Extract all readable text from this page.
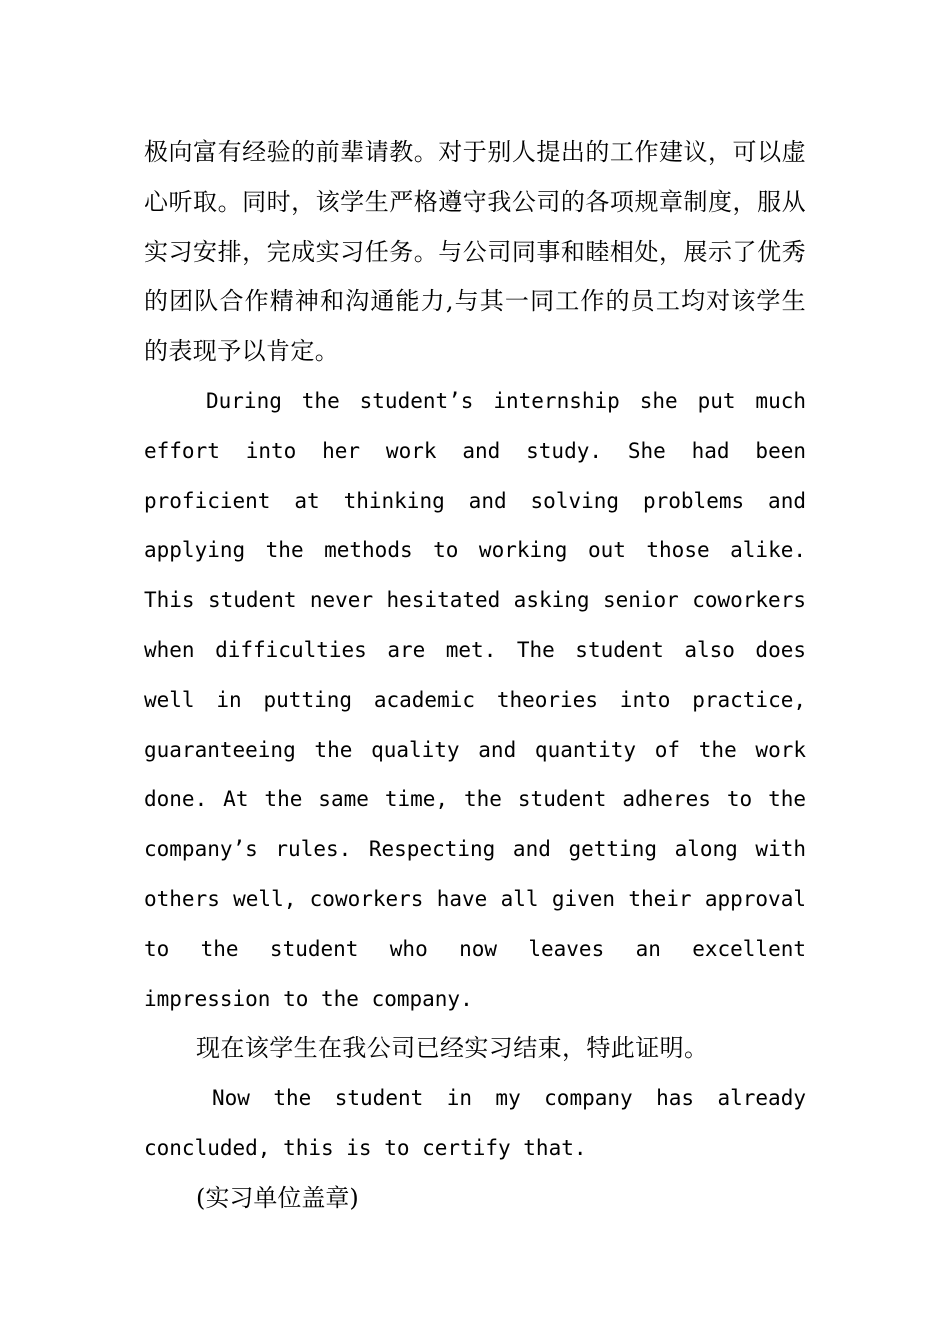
极向富有经验的前辈请教。对于别人提出的工作建议，可以虚心听取。同时，该学生严格遵守我公司的各项规章制度，服从实习安排，完成实习任务。与公司同事和睦相处，展示了优秀的团队合作精神和沟通能力,与其一同工作的员工均对该学生的表现予以肯定。

During the student’s internship she put much effort into her work and study. She had been proficient at thinking and solving problems and applying the methods to working out those alike. This student never hesitated asking senior coworkers when difficulties are met. The student also does well in putting academic theories into practice, guaranteeing the quality and quantity of the work done. At the same time, the student adheres to the company’s rules. Respecting and getting along with others well, coworkers have all given their approval to the student who now leaves an excellent impression to the company.

现在该学生在我公司已经实习结束，特此证明。

Now the student in my company has already concluded, this is to certify that.

(实习单位盖章)
